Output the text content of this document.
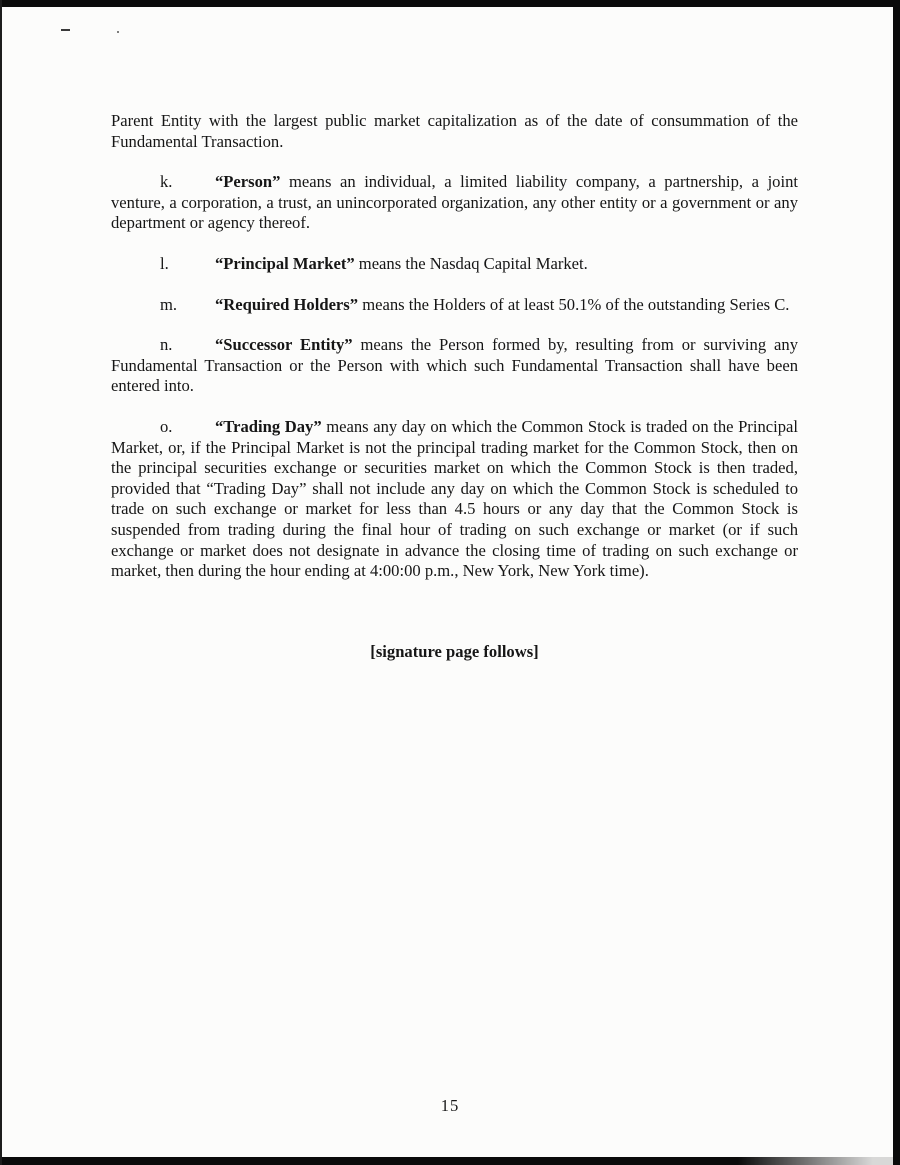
Parent Entity with the largest public market capitalization as of the date of consummation of the Fundamental Transaction.

k.	“Person” means an individual, a limited liability company, a partnership, a joint venture, a corporation, a trust, an unincorporated organization, any other entity or a government or any department or agency thereof.

l.	“Principal Market” means the Nasdaq Capital Market.

m. “Required Holders” means the Holders of at least 50.1% of the outstanding Series C.

n.	“Successor Entity” means the Person formed by, resulting from or surviving any Fundamental Transaction or the Person with which such Fundamental Transaction shall have been entered into.

o.	“Trading Day” means any day on which the Common Stock is traded on the Principal Market, or, if the Principal Market is not the principal trading market for the Common Stock, then on the principal securities exchange or securities market on which the Common Stock is then traded, provided that “Trading Day” shall not include any day on which the Common Stock is scheduled to trade on such exchange or market for less than 4.5 hours or any day that the Common Stock is suspended from trading during the final hour of trading on such exchange or market (or if such exchange or market does not designate in advance the closing time of trading on such exchange or market, then during the hour ending at 4:00:00 p.m., New York, New York time).

[signature page follows]

15
